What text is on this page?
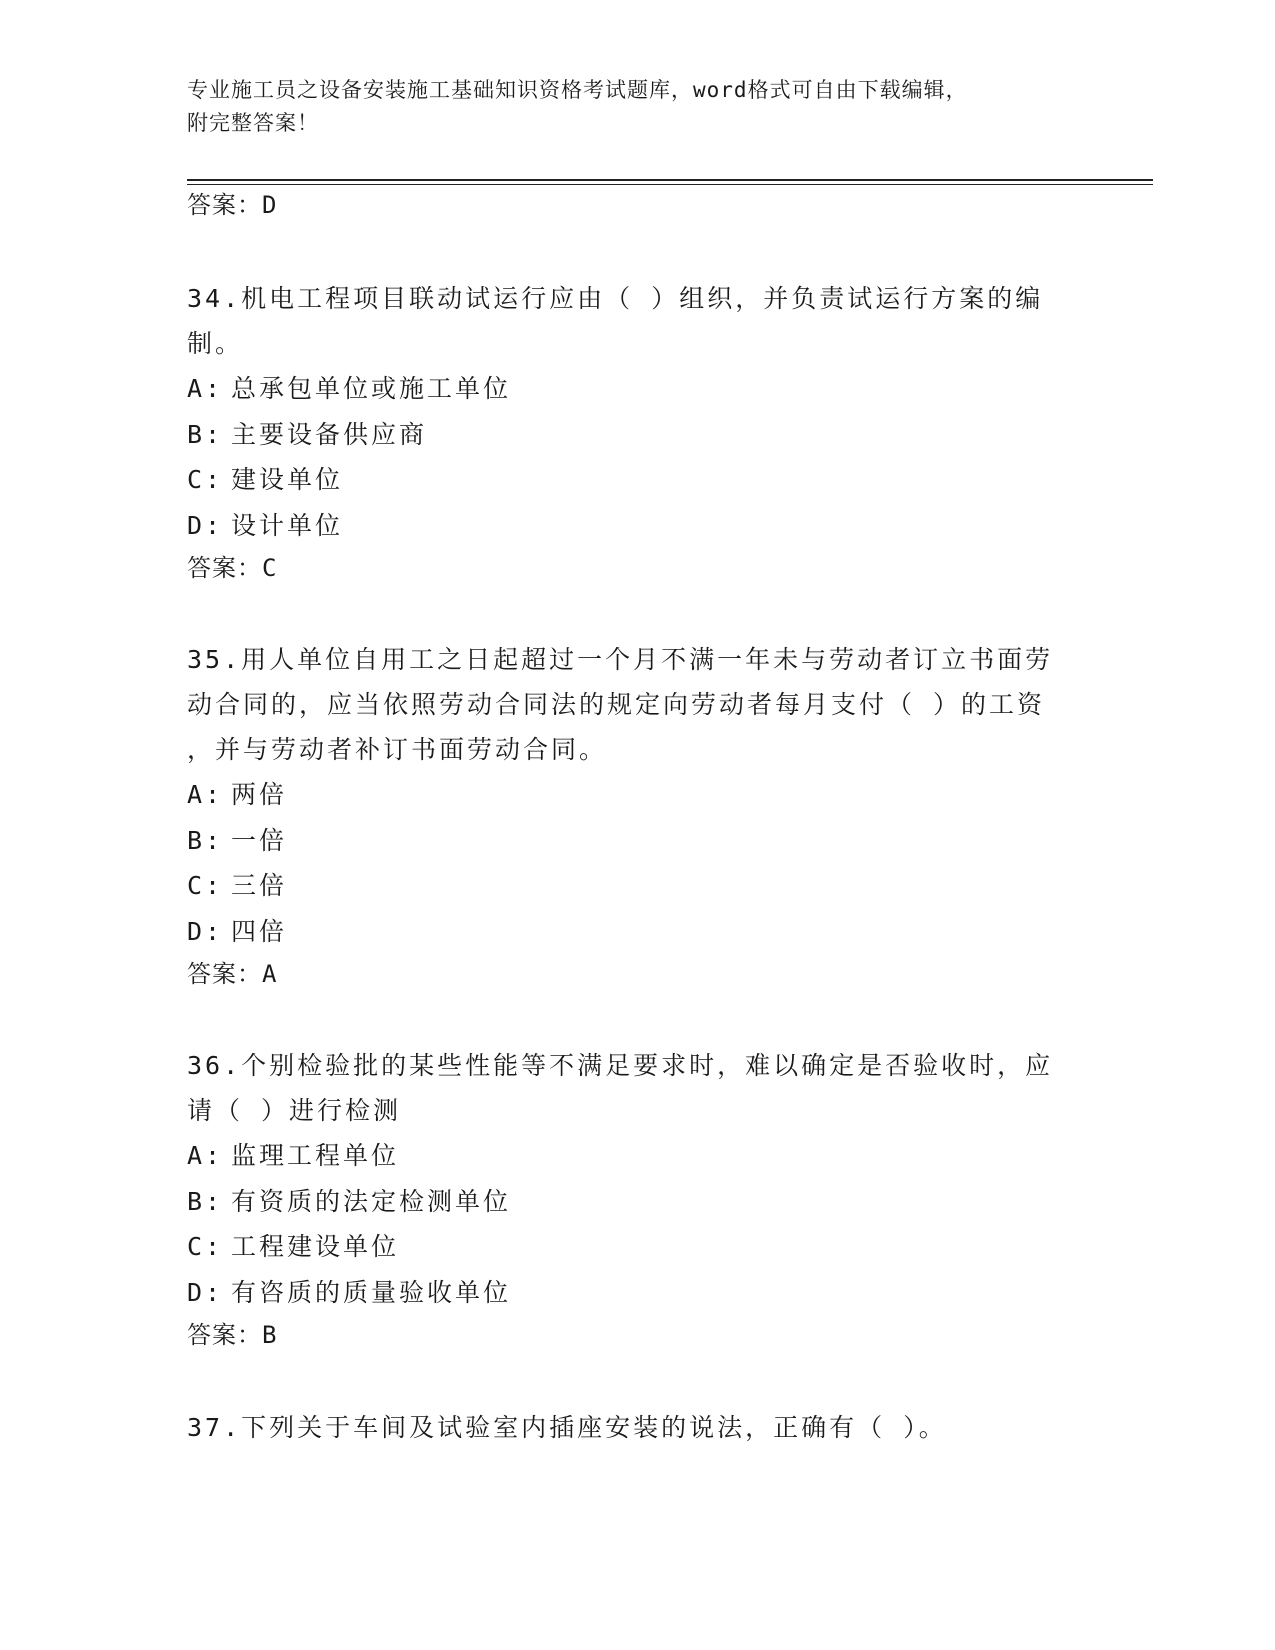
专业施工员之设备安装施工基础知识资格考试题库，word格式可自由下载编辑，
附完整答案！
答案：D
34.机电工程项目联动试运行应由（ ）组织，并负责试运行方案的编
制。
A: 总承包单位或施工单位
B: 主要设备供应商
C: 建设单位
D: 设计单位
答案：C
35.用人单位自用工之日起超过一个月不满一年未与劳动者订立书面劳
动合同的，应当依照劳动合同法的规定向劳动者每月支付（ ）的工资
，并与劳动者补订书面劳动合同。
A: 两倍
B: 一倍
C: 三倍
D: 四倍
答案：A
36.个别检验批的某些性能等不满足要求时，难以确定是否验收时，应
请（ ）进行检测
A: 监理工程单位
B: 有资质的法定检测单位
C: 工程建设单位
D: 有咨质的质量验收单位
答案：B
37.下列关于车间及试验室内插座安装的说法，正确有（ ）。
